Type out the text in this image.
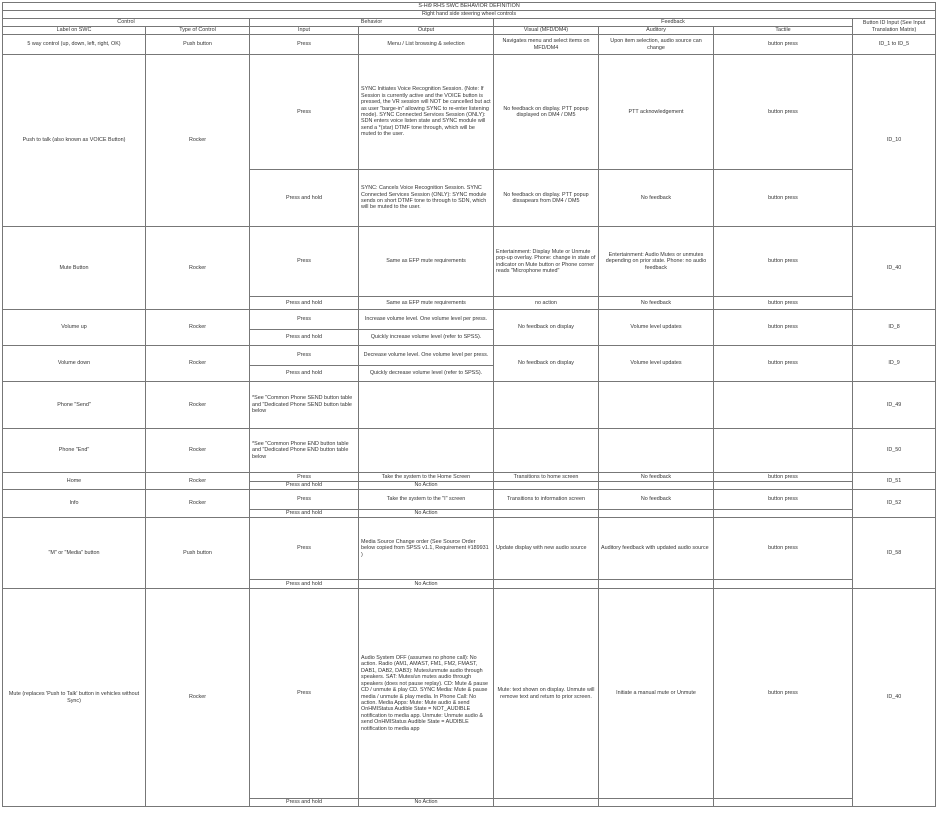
S-Hi9 RHS SWC BEHAVIOR DEFINITION							
Right hand side steering wheel controls							
Control		Behavior		Feedback			Button ID Input (See Input Translation Matrix)
Label on SWC	Type of Control	Input	Output	Visual (MFD/DM4)	Auditory	Tactile	
5 way control (up, down, left, right, OK)	Push button	Press	Menu / List browsing & selection	Navigates menu and select items on MFD/DM4	Upon item selection, audio source can change	button press	ID_1 to ID_5
Push to talk (also known as VOICE Button)	Rocker	Press	SYNC Initiates Voice Recognition Session. (Note: If Session is currently active and the VOICE button is pressed, the VR session will NOT be cancelled but act as user "barge-in" allowing SYNC to re-enter listening mode). SYNC Connected Services Session (ONLY): SDN enters voice listen state and SYNC module will send a *(star) DTMF tone through, which will be muted to the user.	No feedback on display. PTT popup displayed on DM4 / DM5	PTT acknowledgement	button press	ID_10
		Press and hold	SYNC: Cancels Voice Recognition Session. SYNC Connected Services Session (ONLY): SYNC module sends on short DTMF tone to through to SDN, which will be muted to the user.	No feedback on display. PTT popup dissapears from DM4 / DM5	No feedback	button press	
Mute Button	Rocker	Press	Same as EFP mute requirements	Entertainment: Display Mute or Unmute pop-up overlay. Phone: change in state of indicator on Mute button or Phone corner reads "Microphone muted"	Entertainment: Audio Mutes or unmutes depending on prior state. Phone: no audio feedback	button press	ID_40
		Press and hold	Same as EFP mute requirements	no action	No feedback	button press	
Volume up	Rocker	Press	Increase volume level. One volume level per press.	No feedback on display	Volume level updates	button press	ID_8
		Press and hold	Quickly increase volume level (refer to SPSS).				
Volume down	Rocker	Press	Decrease volume level. One volume level per press.	No feedback on display	Volume level updates	button press	ID_9
		Press and hold	Quickly decrease volume level (refer to SPSS).				
Phone "Send"	Rocker	*See "Common Phone SEND button table and "Dedicated Phone SEND button table below					ID_49
Phone "End"	Rocker	*See "Common Phone END button table and "Dedicated Phone END button table below					ID_50
Home	Rocker	Press	Take the system to the Home Screen	Transitions to home screen	No feedback	button press	ID_51
		Press and hold	No Action				
Info	Rocker	Press	Take the system to the "I" screen	Transitions to information screen	No feedback	button press	ID_52
		Press and hold	No Action				
"M" or "Media" button	Push button	Press	Media Source Change order (See Source Order below copied from SPSS v1.1, Requirement #189931 )	Update display with new audio source	Auditory feedback with updated audio source	button press	ID_58
		Press and hold	No Action				
Mute (replaces 'Push to Talk' button in vehicles without Sync)	Rocker	Press	Audio System OFF (assumes no phone call): No action. Radio (AM1, AMAST, FM1, FM2, FMAST, DAB1, DAB2, DAB3): Mutes/unmute audio through speakers. SAT: Mutes/un mutes audio through speakers (does not pause replay). CD: Mute & pause CD / unmute & play CD. SYNC Media: Mute & pause media / unmute & play media. In Phone Call: No action. Media Apps: Mute: Mute audio & send OnHMIStatus Audible State = NOT_AUDIBLE notification to media app. Unmute: Unmute audio & send OnHMIStatus Audible State = AUDIBLE notification to media app	Mute: text shown on display. Unmute will remove text and return to prior screen.	Initiate a manual mute or Unmute	button press	ID_40
		Press and hold	No Action				
